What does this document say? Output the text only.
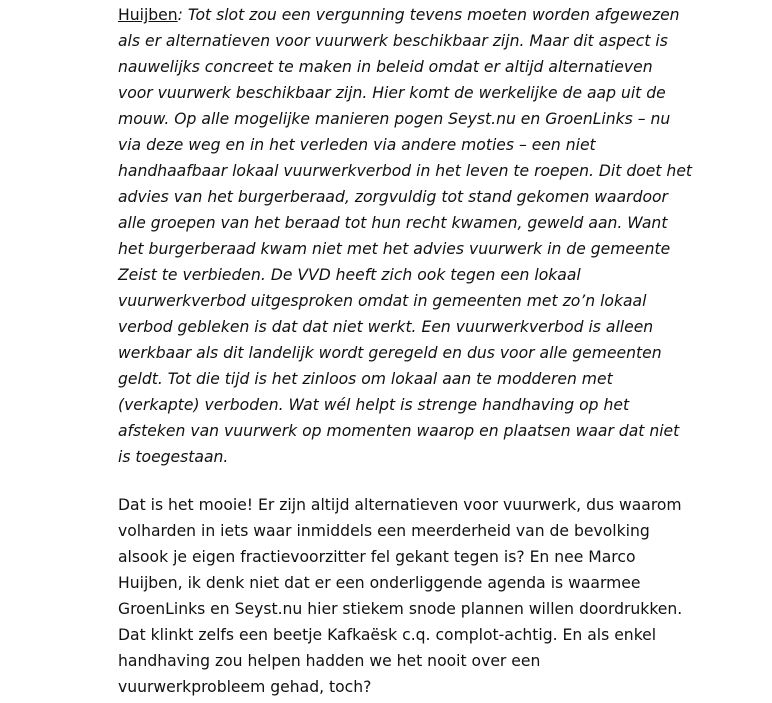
Huijben: Tot slot zou een vergunning tevens moeten worden afgewezen
als er alternatieven voor vuurwerk beschikbaar zijn. Maar dit aspect is
nauwelijks concreet te maken in beleid omdat er altijd alternatieven
voor vuurwerk beschikbaar zijn. Hier komt de werkelijke de aap uit de
mouw. Op alle mogelijke manieren pogen Seyst.nu en GroenLinks – nu
via deze weg en in het verleden via andere moties – een niet
handhaafbaar lokaal vuurwerkverbod in het leven te roepen. Dit doet het
advies van het burgerberaad, zorgvuldig tot stand gekomen waardoor
alle groepen van het beraad tot hun recht kwamen, geweld aan. Want
het burgerberaad kwam niet met het advies vuurwerk in de gemeente
Zeist te verbieden. De VVD heeft zich ook tegen een lokaal
vuurwerkverbod uitgesproken omdat in gemeenten met zo’n lokaal
verbod gebleken is dat dat niet werkt. Een vuurwerkverbod is alleen
werkbaar als dit landelijk wordt geregeld en dus voor alle gemeenten
geldt. Tot die tijd is het zinloos om lokaal aan te modderen met
(verkapte) verboden. Wat wél helpt is strenge handhaving op het
afsteken van vuurwerk op momenten waarop en plaatsen waar dat niet
is toegestaan.
Dat is het mooie! Er zijn altijd alternatieven voor vuurwerk, dus waarom
volharden in iets waar inmiddels een meerderheid van de bevolking
alsook je eigen fractievoorzitter fel gekant tegen is? En nee Marco
Huijben, ik denk niet dat er een onderliggende agenda is waarmee
GroenLinks en Seyst.nu hier stiekem snode plannen willen doordrukken.
Dat klinkt zelfs een beetje Kafkaësk c.q. complot-achtig. En als enkel
handhaving zou helpen hadden we het nooit over een
vuurwerkprobleem gehad, toch?
